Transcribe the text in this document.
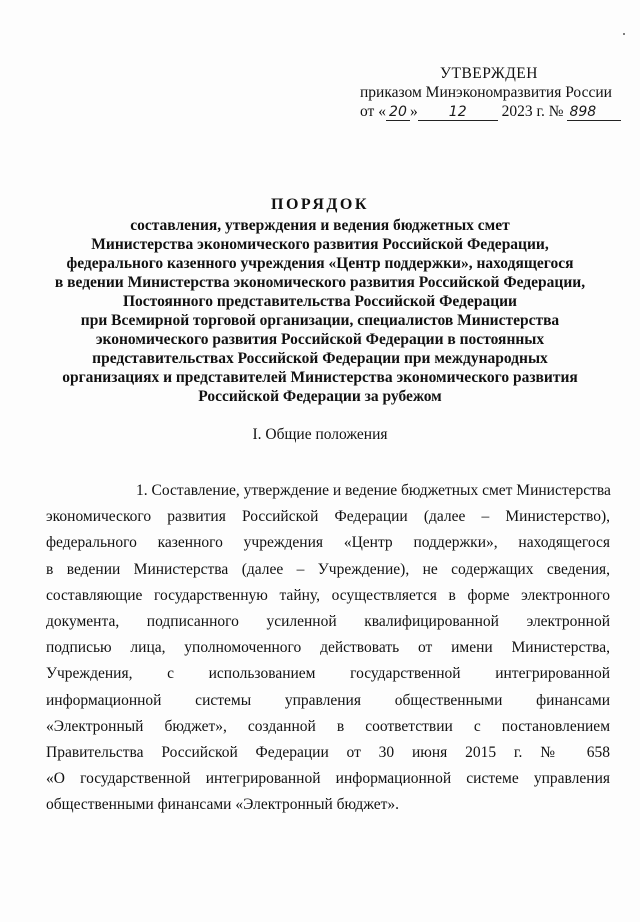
УТВЕРЖДЕН
приказом Минэкономразвития России
от « 20 » 12 2023 г. № 898
ПОРЯДОК
составления, утверждения и ведения бюджетных смет
Министерства экономического развития Российской Федерации,
федерального казенного учреждения «Центр поддержки», находящегося
в ведении Министерства экономического развития Российской Федерации,
Постоянного представительства Российской Федерации
при Всемирной торговой организации, специалистов Министерства
экономического развития Российской Федерации в постоянных
представительствах Российской Федерации при международных
организациях и представителей Министерства экономического развития
Российской Федерации за рубежом
I. Общие положения
1. Составление, утверждение и ведение бюджетных смет Министерства
экономического развития Российской Федерации (далее – Министерство),
федерального казенного учреждения «Центр поддержки», находящегося
в ведении Министерства (далее – Учреждение), не содержащих сведения,
составляющие государственную тайну, осуществляется в форме электронного
документа, подписанного усиленной квалифицированной электронной
подписью лица, уполномоченного действовать от имени Министерства,
Учреждения, с использованием государственной интегрированной
информационной системы управления общественными финансами
«Электронный бюджет», созданной в соответствии с постановлением
Правительства Российской Федерации от 30 июня 2015 г. № 658
«О государственной интегрированной информационной системе управления
общественными финансами «Электронный бюджет».
